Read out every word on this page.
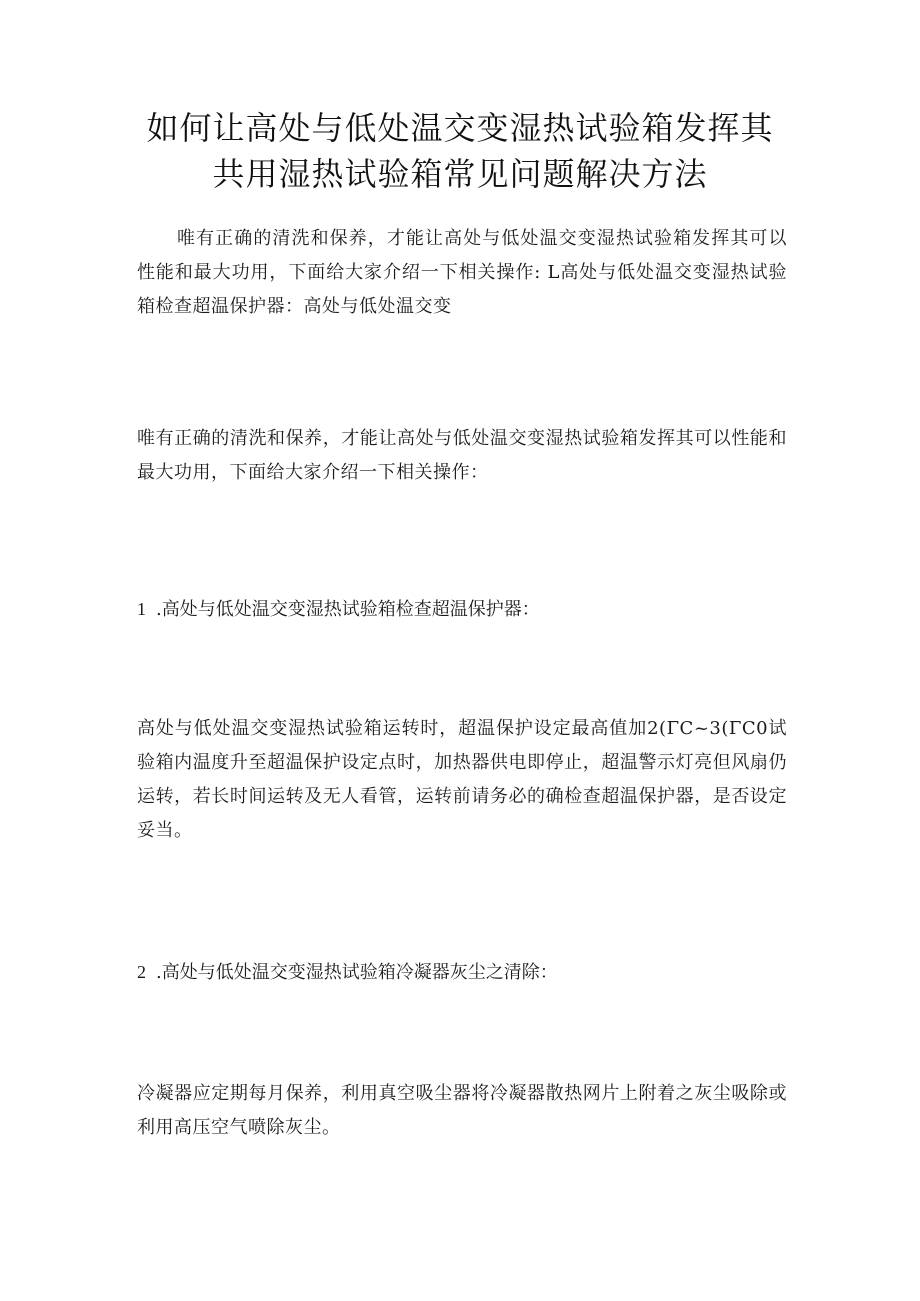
如何让高处与低处温交变湿热试验箱发挥其
共用湿热试验箱常见问题解决方法

唯有正确的清洗和保养，才能让高处与低处温交变湿热试验箱发挥其可以性能和最大功用，下面给大家介绍一下相关操作: L高处与低处温交变湿热试验箱检查超温保护器：高处与低处温交变

唯有正确的清洗和保养，才能让高处与低处温交变湿热试验箱发挥其可以性能和最大功用，下面给大家介绍一下相关操作：

1 .高处与低处温交变湿热试验箱检查超温保护器：

高处与低处温交变湿热试验箱运转时，超温保护设定最高值加2(ΓC~3(ΓC0试验箱内温度升至超温保护设定点时，加热器供电即停止，超温警示灯亮但风扇仍运转，若长时间运转及无人看管，运转前请务必的确检查超温保护器，是否设定妥当。

2 .高处与低处温交变湿热试验箱冷凝器灰尘之清除：

冷凝器应定期每月保养，利用真空吸尘器将冷凝器散热网片上附着之灰尘吸除或利用高压空气喷除灰尘。
